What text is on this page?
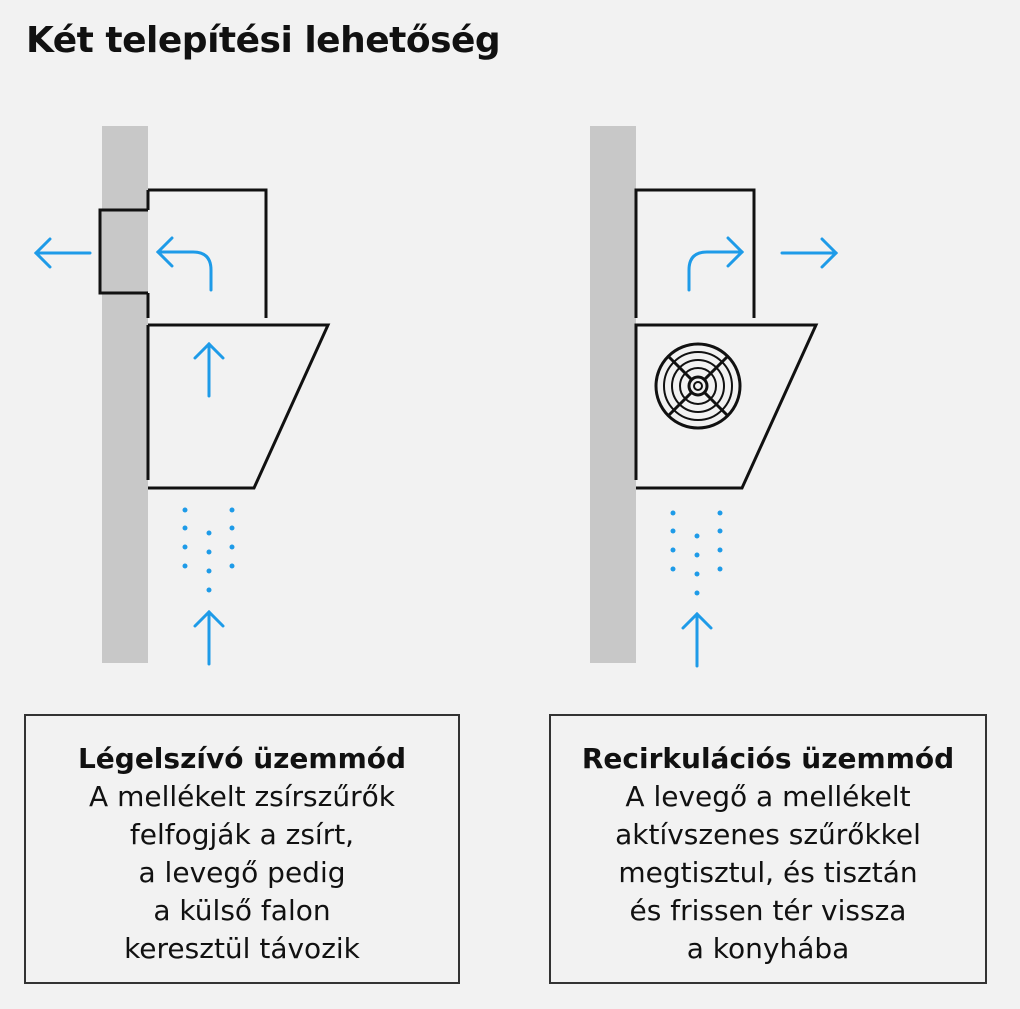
Két telepítési lehetőség
Légelszívó üzemmód
A mellékelt zsírszűrők
felfogják a zsírt,
a levegő pedig
a külső falon
keresztül távozik
Recirkulációs üzemmód
A levegő a mellékelt
aktívszenes szűrőkkel
megtisztul, és tisztán
és frissen tér vissza
a konyhába
